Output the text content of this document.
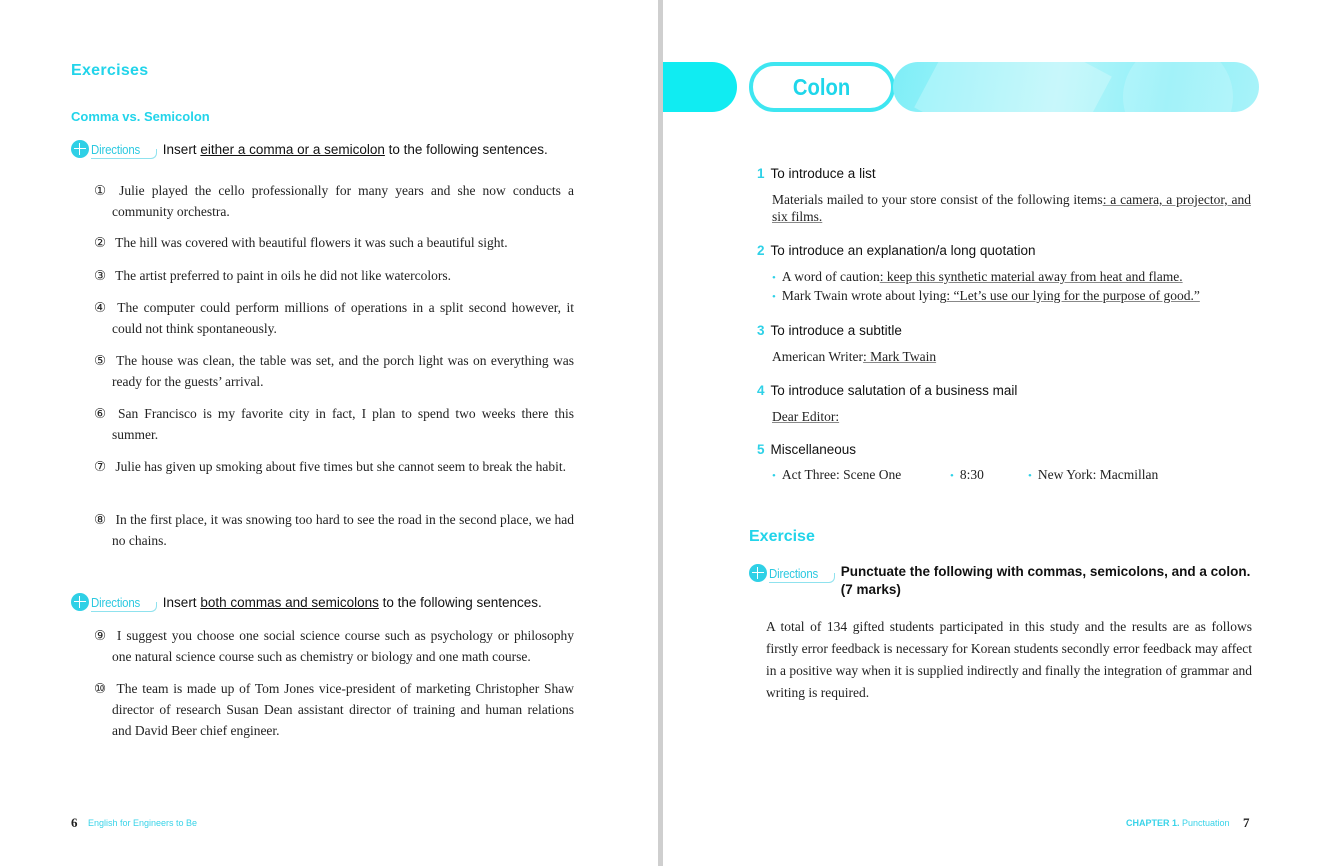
Exercises
Comma vs. Semicolon
Directions Insert either a comma or a semicolon to the following sentences.
① Julie played the cello professionally for many years and she now conducts a community orchestra.
② The hill was covered with beautiful flowers it was such a beautiful sight.
③ The artist preferred to paint in oils he did not like watercolors.
④ The computer could perform millions of operations in a split second however, it could not think spontaneously.
⑤ The house was clean, the table was set, and the porch light was on everything was ready for the guests’ arrival.
⑥ San Francisco is my favorite city in fact, I plan to spend two weeks there this summer.
⑦ Julie has given up smoking about five times but she cannot seem to break the habit.
⑧ In the first place, it was snowing too hard to see the road in the second place, we had no chains.
Directions Insert both commas and semicolons to the following sentences.
⑨ I suggest you choose one social science course such as psychology or philosophy one natural science course such as chemistry or biology and one math course.
⑩ The team is made up of Tom Jones vice-president of marketing Christopher Shaw director of research Susan Dean assistant director of training and human relations and David Beer chief engineer.
6 English for Engineers to Be
Colon
1 To introduce a list
Materials mailed to your store consist of the following items: a camera, a projector, and six films.
2 To introduce an explanation/a long quotation
• A word of caution: keep this synthetic material away from heat and flame.
• Mark Twain wrote about lying: “Let’s use our lying for the purpose of good.”
3 To introduce a subtitle
American Writer: Mark Twain
4 To introduce salutation of a business mail
Dear Editor:
5 Miscellaneous
• Act Three: Scene One	• 8:30	• New York: Macmillan
Exercise
Directions Punctuate the following with commas, semicolons, and a colon.
(7 marks)
A total of 134 gifted students participated in this study and the results are as follows firstly error feedback is necessary for Korean students secondly error feedback may affect in a positive way when it is supplied indirectly and finally the integration of grammar and writing is required.
CHAPTER 1. Punctuation 7
